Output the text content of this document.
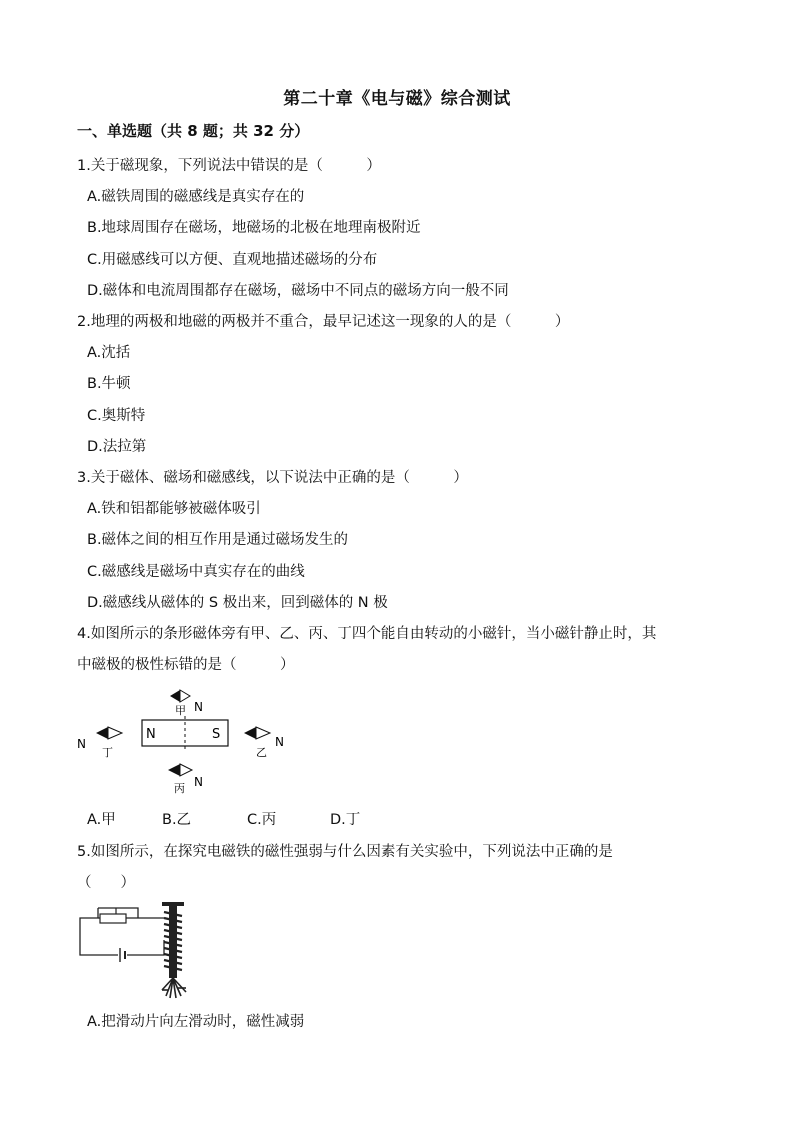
第二十章《电与磁》综合测试
一、单选题（共 8 题；共 32 分）
1.关于磁现象，下列说法中错误的是（　　　）
A.磁铁周围的磁感线是真实存在的
B.地球周围存在磁场，地磁场的北极在地理南极附近
C.用磁感线可以方便、直观地描述磁场的分布
D.磁体和电流周围都存在磁场，磁场中不同点的磁场方向一般不同
2.地理的两极和地磁的两极并不重合，最早记述这一现象的人的是（　　　）
A.沈括
B.牛顿
C.奥斯特
D.法拉第
3.关于磁体、磁场和磁感线，以下说法中正确的是（　　　）
A.铁和铝都能够被磁体吸引
B.磁体之间的相互作用是通过磁场发生的
C.磁感线是磁场中真实存在的曲线
D.磁感线从磁体的 S 极出来，回到磁体的 N 极
4.如图所示的条形磁体旁有甲、乙、丙、丁四个能自由转动的小磁针，当小磁针静止时，其
中磁极的极性标错的是（　　　）
N	S
甲 N
丙 N
丁
N
乙
N
A.甲	B.乙	C.丙	D.丁
5.如图所示，在探究电磁铁的磁性强弱与什么因素有关实验中，下列说法中正确的是
（　　）
A.把滑动片向左滑动时，磁性减弱
